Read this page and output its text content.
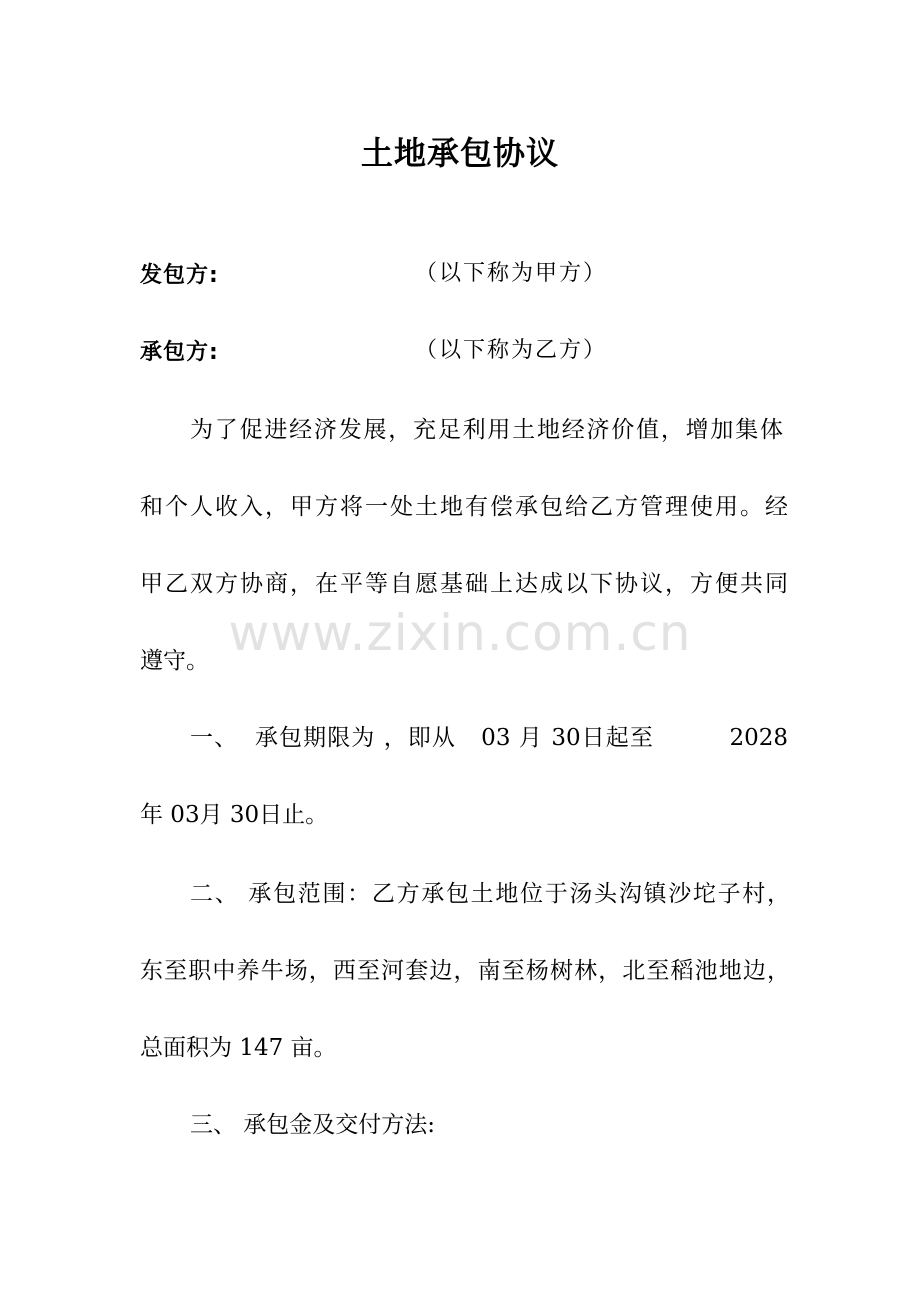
土地承包协议
发包方:	（以下称为甲方）
承包方:	（以下称为乙方）
为了促进经济发展，充足利用土地经济价值，增加集体
和个人收入，甲方将一处土地有偿承包给乙方管理使用。经
甲乙双方协商，在平等自愿基础上达成以下协议，方便共同
遵守。
一、  承包期限为 ，即从   03 月 30日起至         2028
年 03月 30日止。
二、 承包范围：乙方承包土地位于汤头沟镇沙坨子村，
东至职中养牛场，西至河套边，南至杨树林，北至稻池地边，
总面积为 147 亩。
三、 承包金及交付方法:
www.zixin.com.cn
